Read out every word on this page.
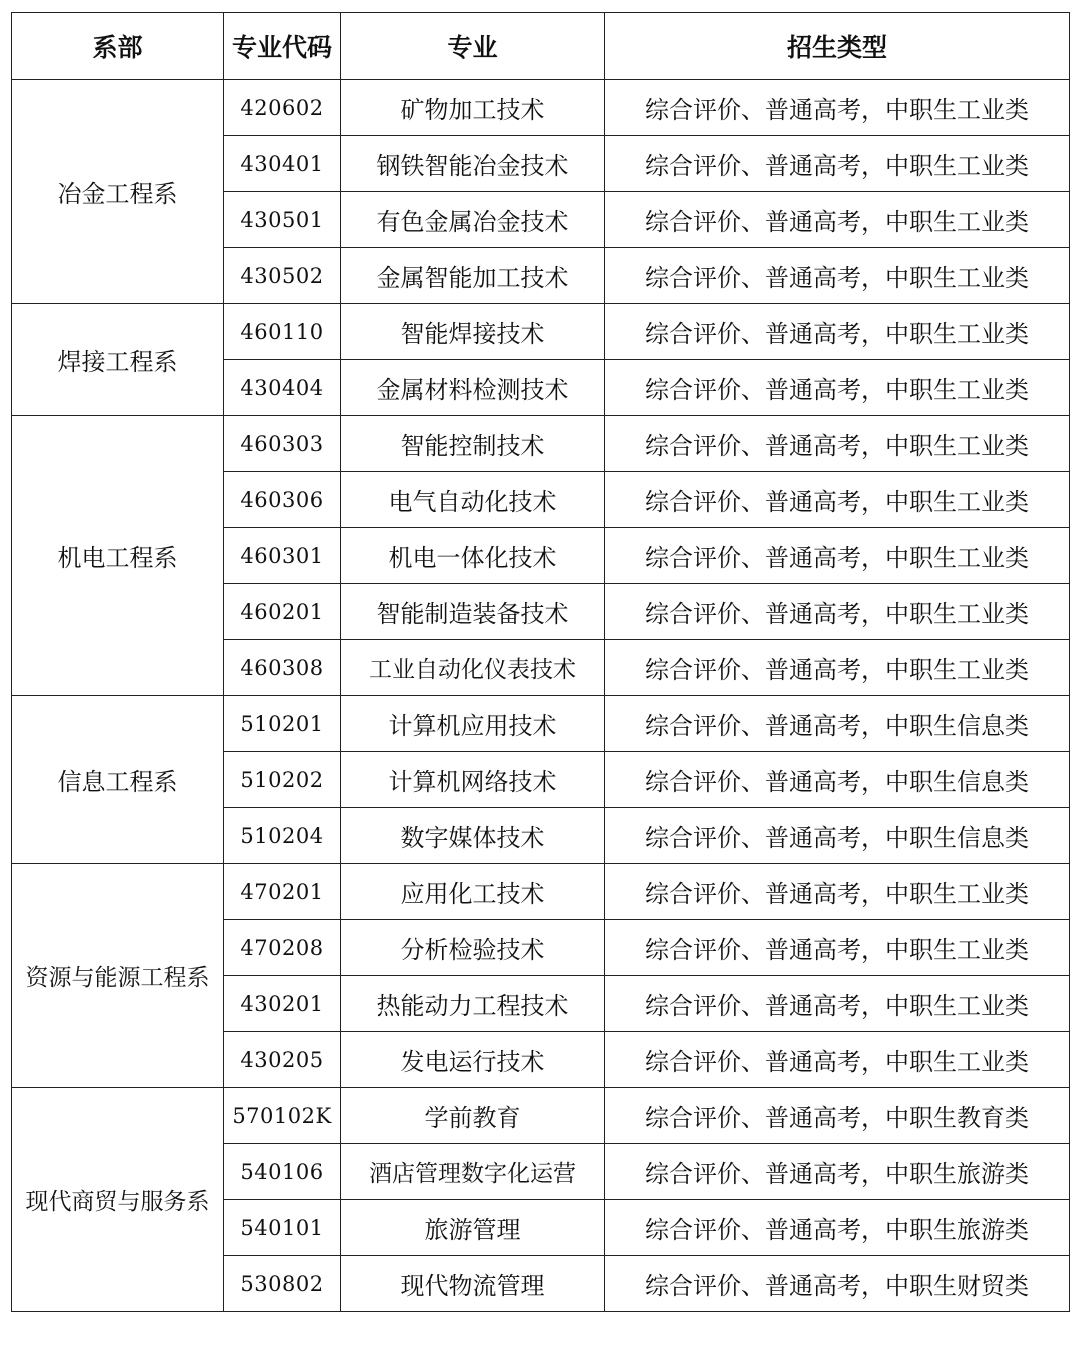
系部	专业代码	专业	招生类型
冶金工程系	420602	矿物加工技术	综合评价、普通高考，中职生工业类
	430401	钢铁智能冶金技术	综合评价、普通高考，中职生工业类
	430501	有色金属冶金技术	综合评价、普通高考，中职生工业类
	430502	金属智能加工技术	综合评价、普通高考，中职生工业类
焊接工程系	460110	智能焊接技术	综合评价、普通高考，中职生工业类
	430404	金属材料检测技术	综合评价、普通高考，中职生工业类
机电工程系	460303	智能控制技术	综合评价、普通高考，中职生工业类
	460306	电气自动化技术	综合评价、普通高考，中职生工业类
	460301	机电一体化技术	综合评价、普通高考，中职生工业类
	460201	智能制造装备技术	综合评价、普通高考，中职生工业类
	460308	工业自动化仪表技术	综合评价、普通高考，中职生工业类
信息工程系	510201	计算机应用技术	综合评价、普通高考，中职生信息类
	510202	计算机网络技术	综合评价、普通高考，中职生信息类
	510204	数字媒体技术	综合评价、普通高考，中职生信息类
资源与能源工程系	470201	应用化工技术	综合评价、普通高考，中职生工业类
	470208	分析检验技术	综合评价、普通高考，中职生工业类
	430201	热能动力工程技术	综合评价、普通高考，中职生工业类
	430205	发电运行技术	综合评价、普通高考，中职生工业类
现代商贸与服务系	570102K	学前教育	综合评价、普通高考，中职生教育类
	540106	酒店管理数字化运营	综合评价、普通高考，中职生旅游类
	540101	旅游管理	综合评价、普通高考，中职生旅游类
	530802	现代物流管理	综合评价、普通高考，中职生财贸类
